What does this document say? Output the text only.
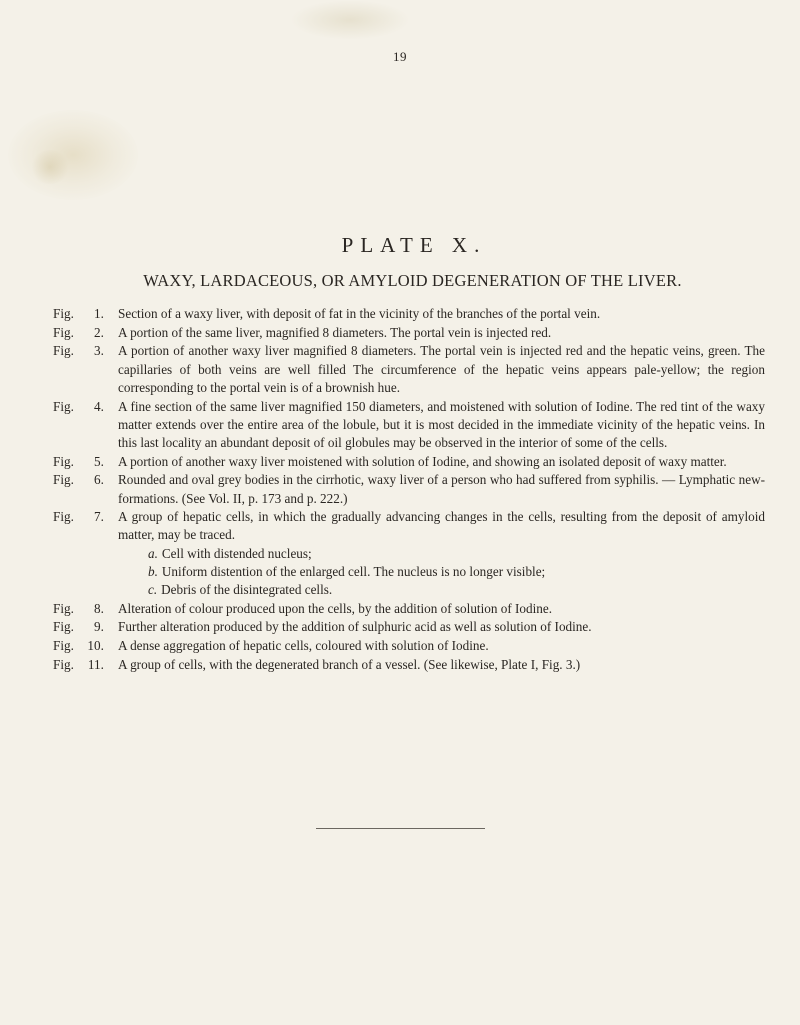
19
PLATE X.
WAXY, LARDACEOUS, OR AMYLOID DEGENERATION OF THE LIVER.
Fig. 1.	Section of a waxy liver, with deposit of fat in the vicinity of the branches of the portal vein.

Fig. 2.	A portion of the same liver, magnified 8 diameters. The portal vein is injected red.

Fig. 3.	A portion of another waxy liver magnified 8 diameters. The portal vein is injected red and the hepatic veins, green. The capillaries of both veins are well filled The circumference of the hepatic veins appears pale-yellow; the region corresponding to the portal vein is of a brownish hue.

Fig. 4.	A fine section of the same liver magnified 150 diameters, and moistened with solution of Iodine. The red tint of the waxy matter extends over the entire area of the lobule, but it is most decided in the immediate vicinity of the hepatic veins. In this last locality an abundant deposit of oil globules may be observed in the interior of some of the cells.

Fig. 5.	A portion of another waxy liver moistened with solution of Iodine, and showing an isolated deposit of waxy matter.

Fig. 6.	Rounded and oval grey bodies in the cirrhotic, waxy liver of a person who had suffered from syphilis. — Lymphatic new-formations. (See Vol. II, p. 173 and p. 222.)

Fig. 7.	A group of hepatic cells, in which the gradually advancing changes in the cells, resulting from the deposit of amyloid matter, may be traced.

a. Cell with distended nucleus;
b. Uniform distention of the enlarged cell. The nucleus is no longer visible;
c. Debris of the disintegrated cells.
Fig. 8.	Alteration of colour produced upon the cells, by the addition of solution of Iodine.

Fig. 9.	Further alteration produced by the addition of sulphuric acid as well as solution of Iodine.

Fig. 10.	A dense aggregation of hepatic cells, coloured with solution of Iodine.

Fig. 11.	A group of cells, with the degenerated branch of a vessel. (See likewise, Plate I, Fig. 3.)
